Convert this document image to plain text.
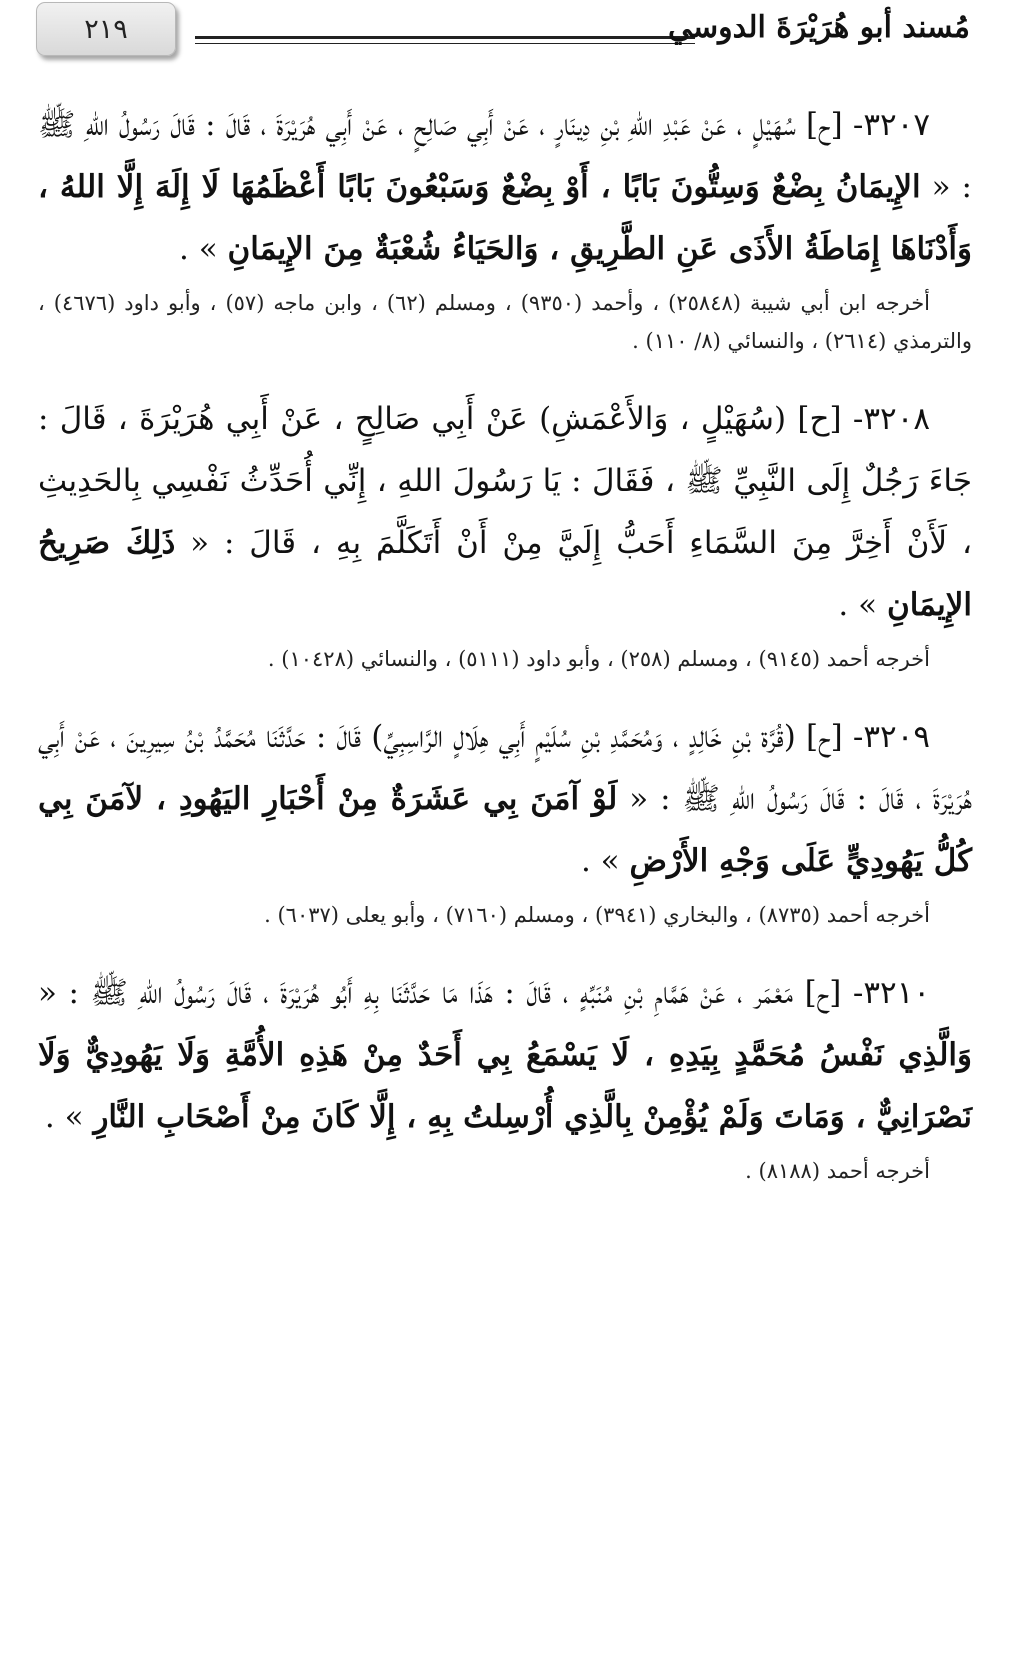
٢١٩	مُسند أبو هُرَيْرَةَ الدوسي

٣٢٠٧- [ح] سُهَيْلٍ ، عَنْ عَبْدِ اللهِ بْنِ دِينَارٍ ، عَنْ أَبِي صَالِحٍ ، عَنْ أَبِي هُرَيْرَةَ ، قَالَ : قَالَ رَسُولُ اللهِ ﷺ : « الإِيمَانُ بِضْعٌ وَسِتُّونَ بَابًا ، أَوْ بِضْعٌ وَسَبْعُونَ بَابًا أَعْظَمُهَا لَا إِلَهَ إِلَّا اللهُ ، وَأَدْنَاهَا إِمَاطَةُ الأَذَى عَنِ الطَّرِيقِ ، وَالحَيَاءُ شُعْبَةٌ مِنَ الإِيمَانِ » .

أخرجه ابن أبي شيبة (٢٥٨٤٨) ، وأحمد (٩٣٥٠) ، ومسلم (٦٢) ، وابن ماجه (٥٧) ، وأبو داود (٤٦٧٦) ، والترمذي (٢٦١٤) ، والنسائي (٨/ ١١٠) .

٣٢٠٨- [ح] (سُهَيْلٍ ، وَالأَعْمَشِ) عَنْ أَبِي صَالِحٍ ، عَنْ أَبِي هُرَيْرَةَ ، قَالَ : جَاءَ رَجُلٌ إِلَى النَّبِيِّ ﷺ ، فَقَالَ : يَا رَسُولَ اللهِ ، إِنِّي أُحَدِّثُ نَفْسِي بِالحَدِيثِ ، لَأَنْ أَخِرَّ مِنَ السَّمَاءِ أَحَبُّ إِلَيَّ مِنْ أَنْ أَتَكَلَّمَ بِهِ ، قَالَ : « ذَلِكَ صَرِيحُ الإِيمَانِ » .

أخرجه أحمد (٩١٤٥) ، ومسلم (٢٥٨) ، وأبو داود (٥١١١) ، والنسائي (١٠٤٢٨) .

٣٢٠٩- [ح] (قُرَّة بْنِ خَالِدٍ ، وَمُحَمَّدِ بْنِ سُلَيْمٍ أَبِي هِلَالٍ الرَّاسِبِيِّ) قَالَ : حَدَّثَنَا مُحَمَّدُ بْنُ سِيرِينَ ، عَنْ أَبِي هُرَيْرَةَ ، قَالَ : قَالَ رَسُولُ اللهِ ﷺ : « لَوْ آمَنَ بِي عَشَرَةٌ مِنْ أَحْبَارِ اليَهُودِ ، لآمَنَ بِي كُلُّ يَهُودِيٍّ عَلَى وَجْهِ الأَرْضِ » .

أخرجه أحمد (٨٧٣٥) ، والبخاري (٣٩٤١) ، ومسلم (٧١٦٠) ، وأبو يعلى (٦٠٣٧) .

٣٢١٠- [ح] مَعْمَر ، عَنْ هَمَّامِ بْنِ مُنَبِّهٍ ، قَالَ : هَذَا مَا حَدَّثَنَا بِهِ أَبُو هُرَيْرَةَ ، قَالَ رَسُولُ اللهِ ﷺ : « وَالَّذِي نَفْسُ مُحَمَّدٍ بِيَدِهِ ، لَا يَسْمَعُ بِي أَحَدٌ مِنْ هَذِهِ الأُمَّةِ وَلَا يَهُودِيٌّ وَلَا نَصْرَانِيٌّ ، وَمَاتَ وَلَمْ يُؤْمِنْ بِالَّذِي أُرْسِلتُ بِهِ ، إِلَّا كَانَ مِنْ أَصْحَابِ النَّارِ » .

أخرجه أحمد (٨١٨٨) .
